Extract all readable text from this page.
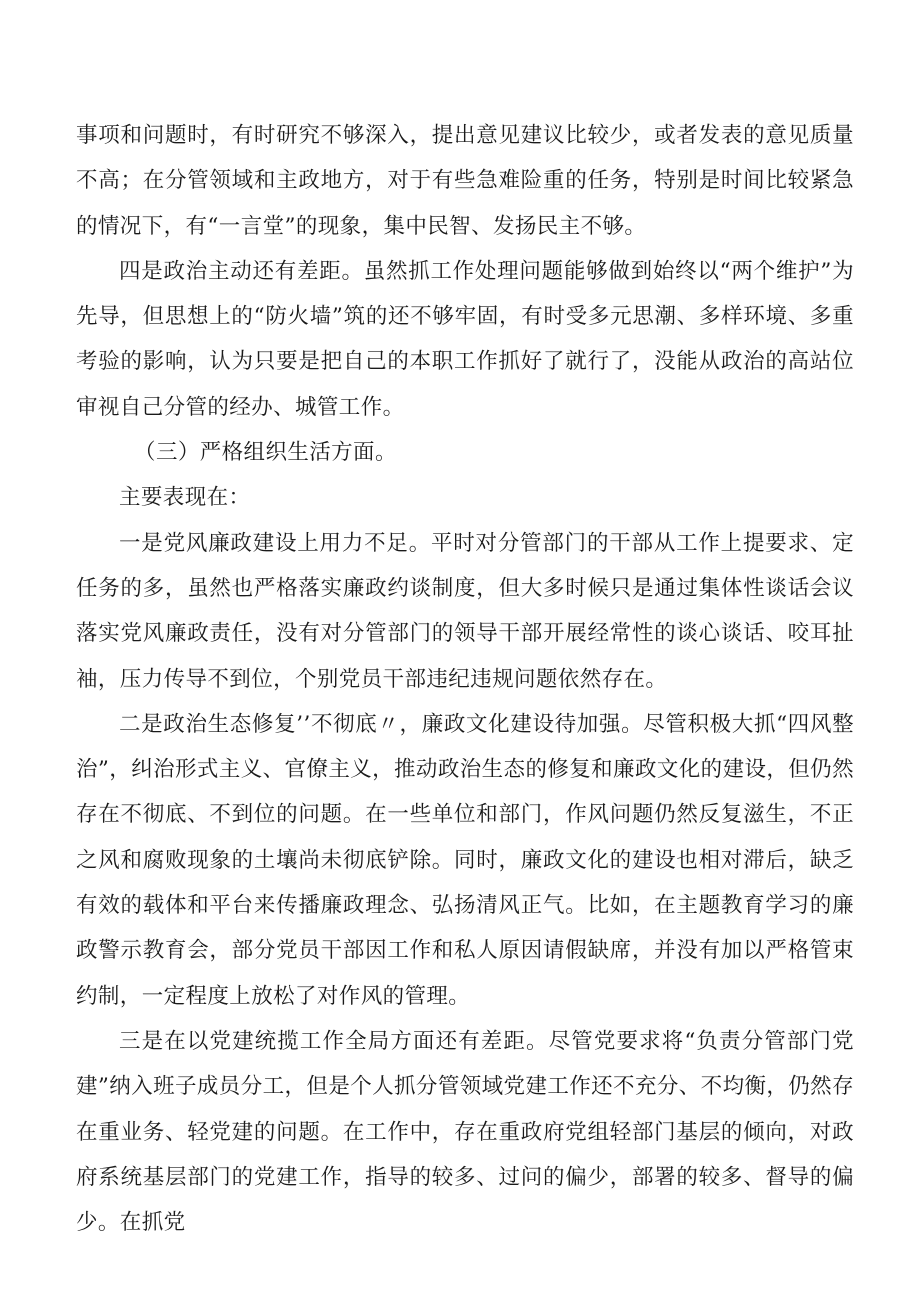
事项和问题时，有时研究不够深入，提出意见建议比较少，或者发表的意见质量不高；在分管领域和主政地方，对于有些急难险重的任务，特别是时间比较紧急的情况下，有“一言堂”的现象，集中民智、发扬民主不够。

四是政治主动还有差距。虽然抓工作处理问题能够做到始终以“两个维护”为先导，但思想上的“防火墙”筑的还不够牢固，有时受多元思潮、多样环境、多重考验的影响，认为只要是把自己的本职工作抓好了就行了，没能从政治的高站位审视自己分管的经办、城管工作。

（三）严格组织生活方面。

主要表现在：

一是党风廉政建设上用力不足。平时对分管部门的干部从工作上提要求、定任务的多，虽然也严格落实廉政约谈制度，但大多时候只是通过集体性谈话会议落实党风廉政责任，没有对分管部门的领导干部开展经常性的谈心谈话、咬耳扯袖，压力传导不到位，个别党员干部违纪违规问题依然存在。

二是政治生态修复’’不彻底〃，廉政文化建设待加强。尽管积极大抓“四风整治”，纠治形式主义、官僚主义，推动政治生态的修复和廉政文化的建设，但仍然存在不彻底、不到位的问题。在一些单位和部门，作风问题仍然反复滋生，不正之风和腐败现象的土壤尚未彻底铲除。同时，廉政文化的建设也相对滞后，缺乏有效的载体和平台来传播廉政理念、弘扬清风正气。比如，在主题教育学习的廉政警示教育会，部分党员干部因工作和私人原因请假缺席，并没有加以严格管束约制，一定程度上放松了对作风的管理。

三是在以党建统揽工作全局方面还有差距。尽管党要求将“负责分管部门党建”纳入班子成员分工，但是个人抓分管领域党建工作还不充分、不均衡，仍然存在重业务、轻党建的问题。在工作中，存在重政府党组轻部门基层的倾向，对政府系统基层部门的党建工作，指导的较多、过问的偏少，部署的较多、督导的偏少。在抓党
